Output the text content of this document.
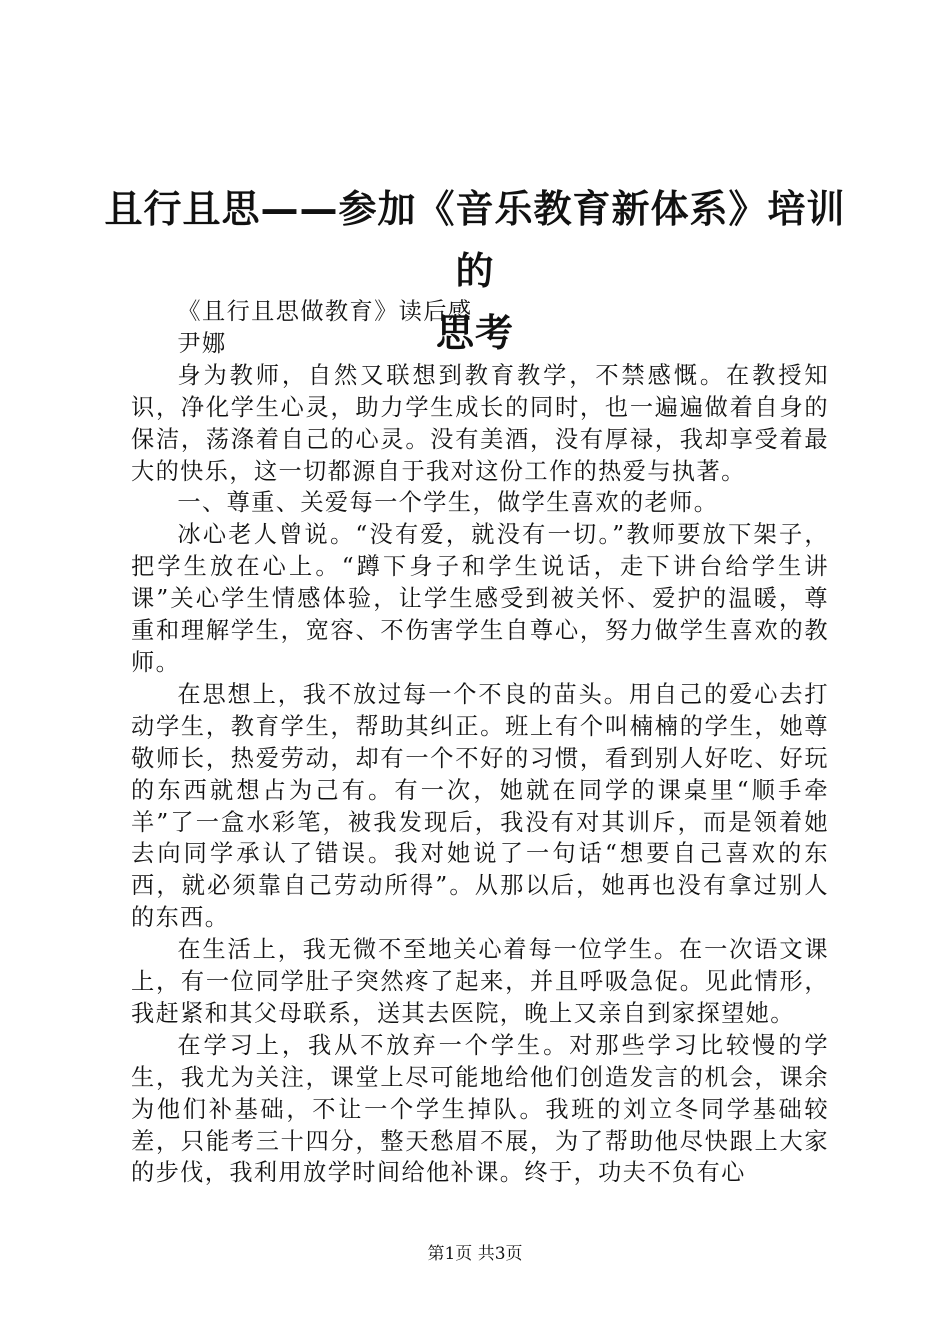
且行且思——参加《音乐教育新体系》培训的
思考
《且行且思做教育》读后感
尹娜
身为教师，自然又联想到教育教学，不禁感慨。在教授知识，净化学生心灵，助力学生成长的同时，也一遍遍做着自身的保洁，荡涤着自己的心灵。没有美酒，没有厚禄，我却享受着最大的快乐，这一切都源自于我对这份工作的热爱与执著。
一、尊重、关爱每一个学生，做学生喜欢的老师。
冰心老人曾说。“没有爱，就没有一切。”教师要放下架子，把学生放在心上。“蹲下身子和学生说话，走下讲台给学生讲课”关心学生情感体验，让学生感受到被关怀、爱护的温暖，尊重和理解学生，宽容、不伤害学生自尊心，努力做学生喜欢的教师。
在思想上，我不放过每一个不良的苗头。用自己的爱心去打动学生，教育学生，帮助其纠正。班上有个叫楠楠的学生，她尊敬师长，热爱劳动，却有一个不好的习惯，看到别人好吃、好玩的东西就想占为己有。有一次，她就在同学的课桌里“顺手牵羊”了一盒水彩笔，被我发现后，我没有对其训斥，而是领着她去向同学承认了错误。我对她说了一句话“想要自己喜欢的东西，就必须靠自己劳动所得”。从那以后，她再也没有拿过别人的东西。
在生活上，我无微不至地关心着每一位学生。在一次语文课上，有一位同学肚子突然疼了起来，并且呼吸急促。见此情形，我赶紧和其父母联系，送其去医院，晚上又亲自到家探望她。
在学习上，我从不放弃一个学生。对那些学习比较慢的学生，我尤为关注，课堂上尽可能地给他们创造发言的机会，课余为他们补基础，不让一个学生掉队。我班的刘立冬同学基础较差，只能考三十四分，整天愁眉不展，为了帮助他尽快跟上大家的步伐，我利用放学时间给他补课。终于，功夫不负有心
第1页 共3页
